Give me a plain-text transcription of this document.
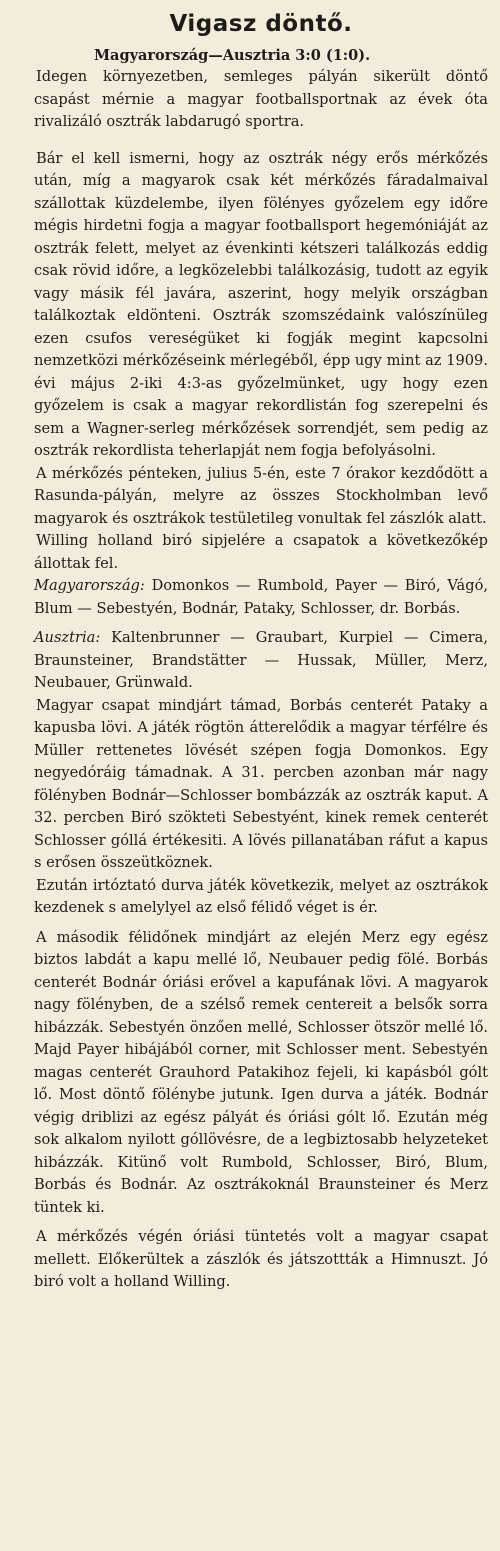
Vigasz döntő.

Magyarország—Ausztria 3:0 (1:0).

Idegen környezetben, semleges pályán sikerült döntő csapást mérnie a magyar footballsportnak az évek óta rivalizáló osztrák labdarugó sportra.

Bár el kell ismerni, hogy az osztrák négy erős mérkőzés után, míg a magyarok csak két mérkőzés fáradalmaival szállottak küzdelembe, ilyen fölényes győzelem egy időre mégis hirdetni fogja a magyar footballsport hegemóniáját az osztrák felett, melyet az évenkinti kétszeri találkozás eddig csak rövid időre, a legközelebbi találkozásig, tudott az egyik vagy másik fél javára, aszerint, hogy melyik országban találkoztak eldönteni. Osztrák szomszédaink valószínüleg ezen csufos vereségüket ki fogják megint kapcsolni nemzetközi mérkőzéseink mérlegéből, épp ugy mint az 1909. évi május 2-iki 4:3-as győzelmünket, ugy hogy ezen győzelem is csak a magyar rekordlistán fog szerepelni és sem a Wagner-serleg mérkőzések sorrendjét, sem pedig az osztrák rekordlista teherlapját nem fogja befolyásolni.

A mérkőzés pénteken, julius 5-én, este 7 órakor kezdődött a Rasunda-pályán, melyre az összes Stockholmban levő magyarok és osztrákok testületileg vonultak fel zászlók alatt.

Willing holland biró sipjelére a csapatok a következőkép állottak fel.

Magyarország: Domonkos — Rumbold, Payer — Biró, Vágó, Blum — Sebestyén, Bodnár, Pataky, Schlosser, dr. Borbás.

Ausztria: Kaltenbrunner — Graubart, Kurpiel — Cimera, Braunsteiner, Brandstätter — Hussak, Müller, Merz, Neubauer, Grünwald.

Magyar csapat mindjárt támad, Borbás centerét Pataky a kapusba lövi. A játék rögtön átterelődik a magyar térfélre és Müller rettenetes lövését szépen fogja Domonkos. Egy negyedóráig támadnak. A 31. percben azonban már nagy fölényben Bodnár—Schlosser bombázzák az osztrák kaput. A 32. percben Biró szökteti Sebestyént, kinek remek centerét Schlosser góllá értékesiti. A lövés pillanatában ráfut a kapus s erősen összeütköznek.

Ezután irtóztató durva játék következik, melyet az osztrákok kezdenek s amelylyel az első félidő véget is ér.

A második félidőnek mindjárt az elején Merz egy egész biztos labdát a kapu mellé lő, Neubauer pedig fölé. Borbás centerét Bodnár óriási erővel a kapufának lövi. A magyarok nagy fölényben, de a szélső remek centereit a belsők sorra hibázzák. Sebestyén önzően mellé, Schlosser ötször mellé lő. Majd Payer hibájából corner, mit Schlosser ment. Sebestyén magas centerét Grauhord Patakihoz fejeli, ki kapásból gólt lő. Most döntő fölénybe jutunk. Igen durva a játék. Bodnár végig driblizi az egész pályát és óriási gólt lő. Ezután még sok alkalom nyilott góllövésre, de a legbiztosabb helyzeteket hibázzák. Kitünő volt Rumbold, Schlosser, Biró, Blum, Borbás és Bodnár. Az osztrákoknál Braunsteiner és Merz tüntek ki.

A mérkőzés végén óriási tüntetés volt a magyar csapat mellett. Előkerültek a zászlók és játszottták a Himnuszt. Jó biró volt a holland Willing.
